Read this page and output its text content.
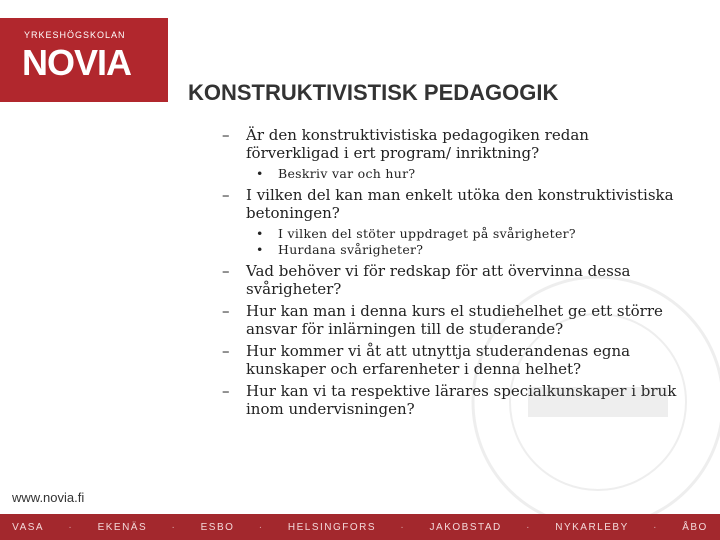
YRKESHÖGSKOLAN
NOVIA
KONSTRUKTIVISTISK PEDAGOGIK
– Är den konstruktivistiska pedagogiken redan förverkligad i ert program/ inriktning?
• Beskriv var och hur?
– I vilken del kan man enkelt utöka den konstruktivistiska betoningen?
• I vilken del stöter uppdraget på svårigheter?
• Hurdana svårigheter?
– Vad behöver vi för redskap för att övervinna dessa svårigheter?
– Hur kan man i denna kurs el studiehelhet ge ett större ansvar för inlärningen till de studerande?
– Hur kommer vi åt att utnyttja studerandenas egna kunskaper och erfarenheter i denna helhet?
– Hur kan vi ta respektive lärares specialkunskaper i bruk inom undervisningen?
www.novia.fi
VASA · EKENÄS · ESBO · HELSINGFORS · JAKOBSTAD · NYKARLEBY · ÅBO
